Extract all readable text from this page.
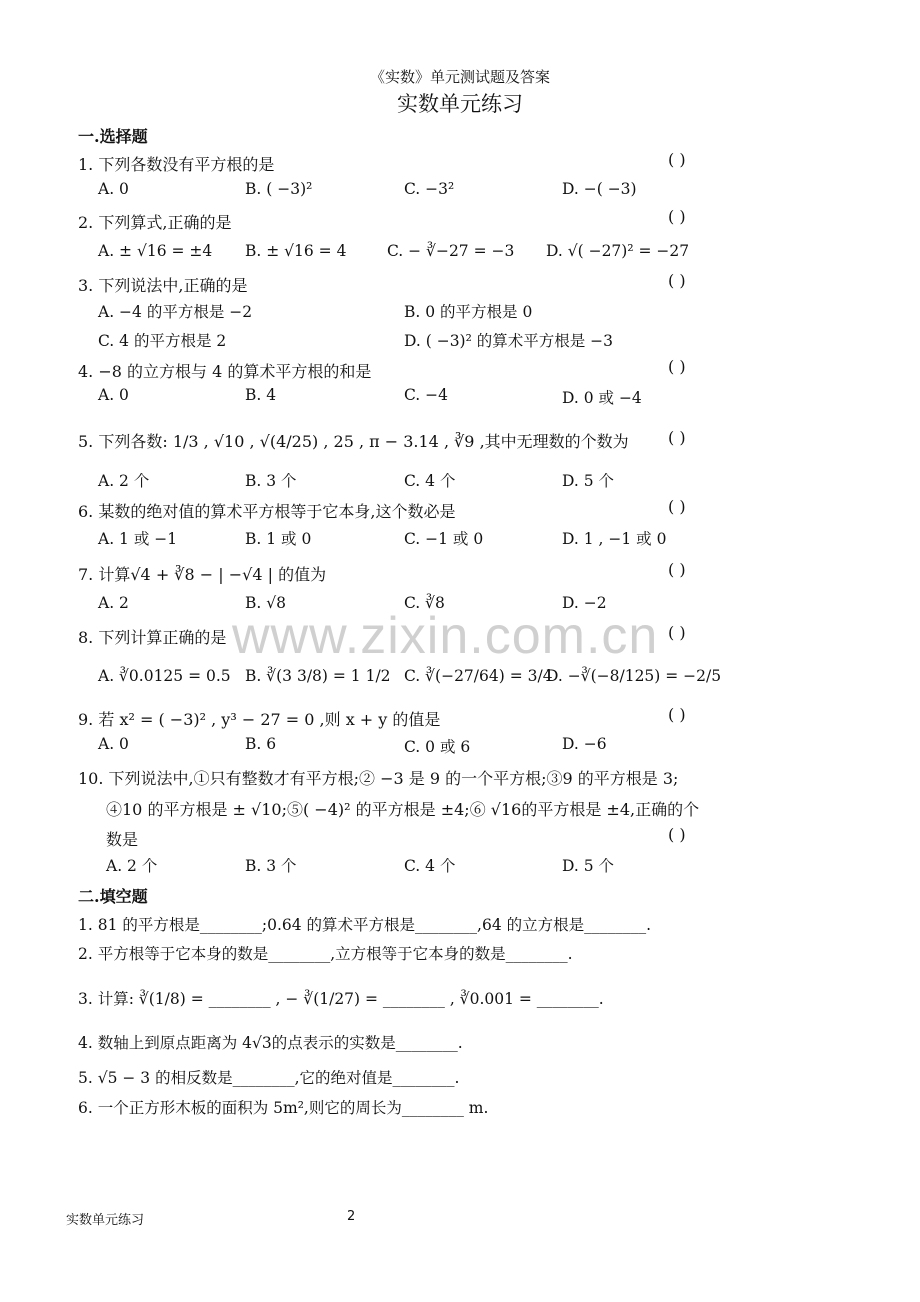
www.zixin.com.cn
《实数》单元测试题及答案
实数单元练习
一.选择题
1. 下列各数没有平方根的是	( )
A. 0	B. ( −3)²	C. −3²	D. −( −3)
2. 下列算式,正确的是	( )
A. ± √16 = ±4 B. ± √16 = 4	C. − ∛−27 = −3 D. √( −27)² = −27
3. 下列说法中,正确的是	( )
A. −4 的平方根是 −2	B. 0 的平方根是 0
C. 4 的平方根是 2	D. ( −3)² 的算术平方根是 −3
4. −8 的立方根与 4 的算术平方根的和是	( )
A. 0	B. 4	C. −4	D. 0 或 −4
5. 下列各数: 1/3 , √10 , √(4/25) , 25 , π − 3.14 , ∛9 ,其中无理数的个数为 ( )
A. 2 个	B. 3 个	C. 4 个	D. 5 个
6. 某数的绝对值的算术平方根等于它本身,这个数必是	( )
A. 1 或 −1	B. 1 或 0	C. −1 或 0	D. 1 , −1 或 0
7. 计算√4 + ∛8 − | −√4 | 的值为	( )
A. 2	B. √8	C. ∛8	D. −2
8. 下列计算正确的是	( )
A. ∛0.0125 = 0.5 B. ∛(3 3/8) = 1 1/2 C. ∛(−27/64) = 3/4
D. −∛(−8/125) = −2/5
9. 若 x² = ( −3)² , y³ − 27 = 0 ,则 x + y 的值是	( )
A. 0	B. 6	C. 0 或 6	D. −6
10. 下列说法中,①只有整数才有平方根;② −3 是 9 的一个平方根;③9 的平方根是 3;
④10 的平方根是 ± √10;⑤( −4)² 的平方根是 ±4;⑥ √16的平方根是 ±4,正确的个
数是	( )
A. 2 个	B. 3 个	C. 4 个	D. 5 个
二.填空题
1. 81 的平方根是________;0.64 的算术平方根是________,64 的立方根是________.
2. 平方根等于它本身的数是________,立方根等于它本身的数是________.
3. 计算: ∛(1/8) = ________ , − ∛(1/27) = ________ , ∛0.001 = ________.
4. 数轴上到原点距离为 4√3的点表示的实数是________.
5. √5 − 3 的相反数是________,它的绝对值是________.
6. 一个正方形木板的面积为 5m²,则它的周长为________ m.
实数单元练习	2
